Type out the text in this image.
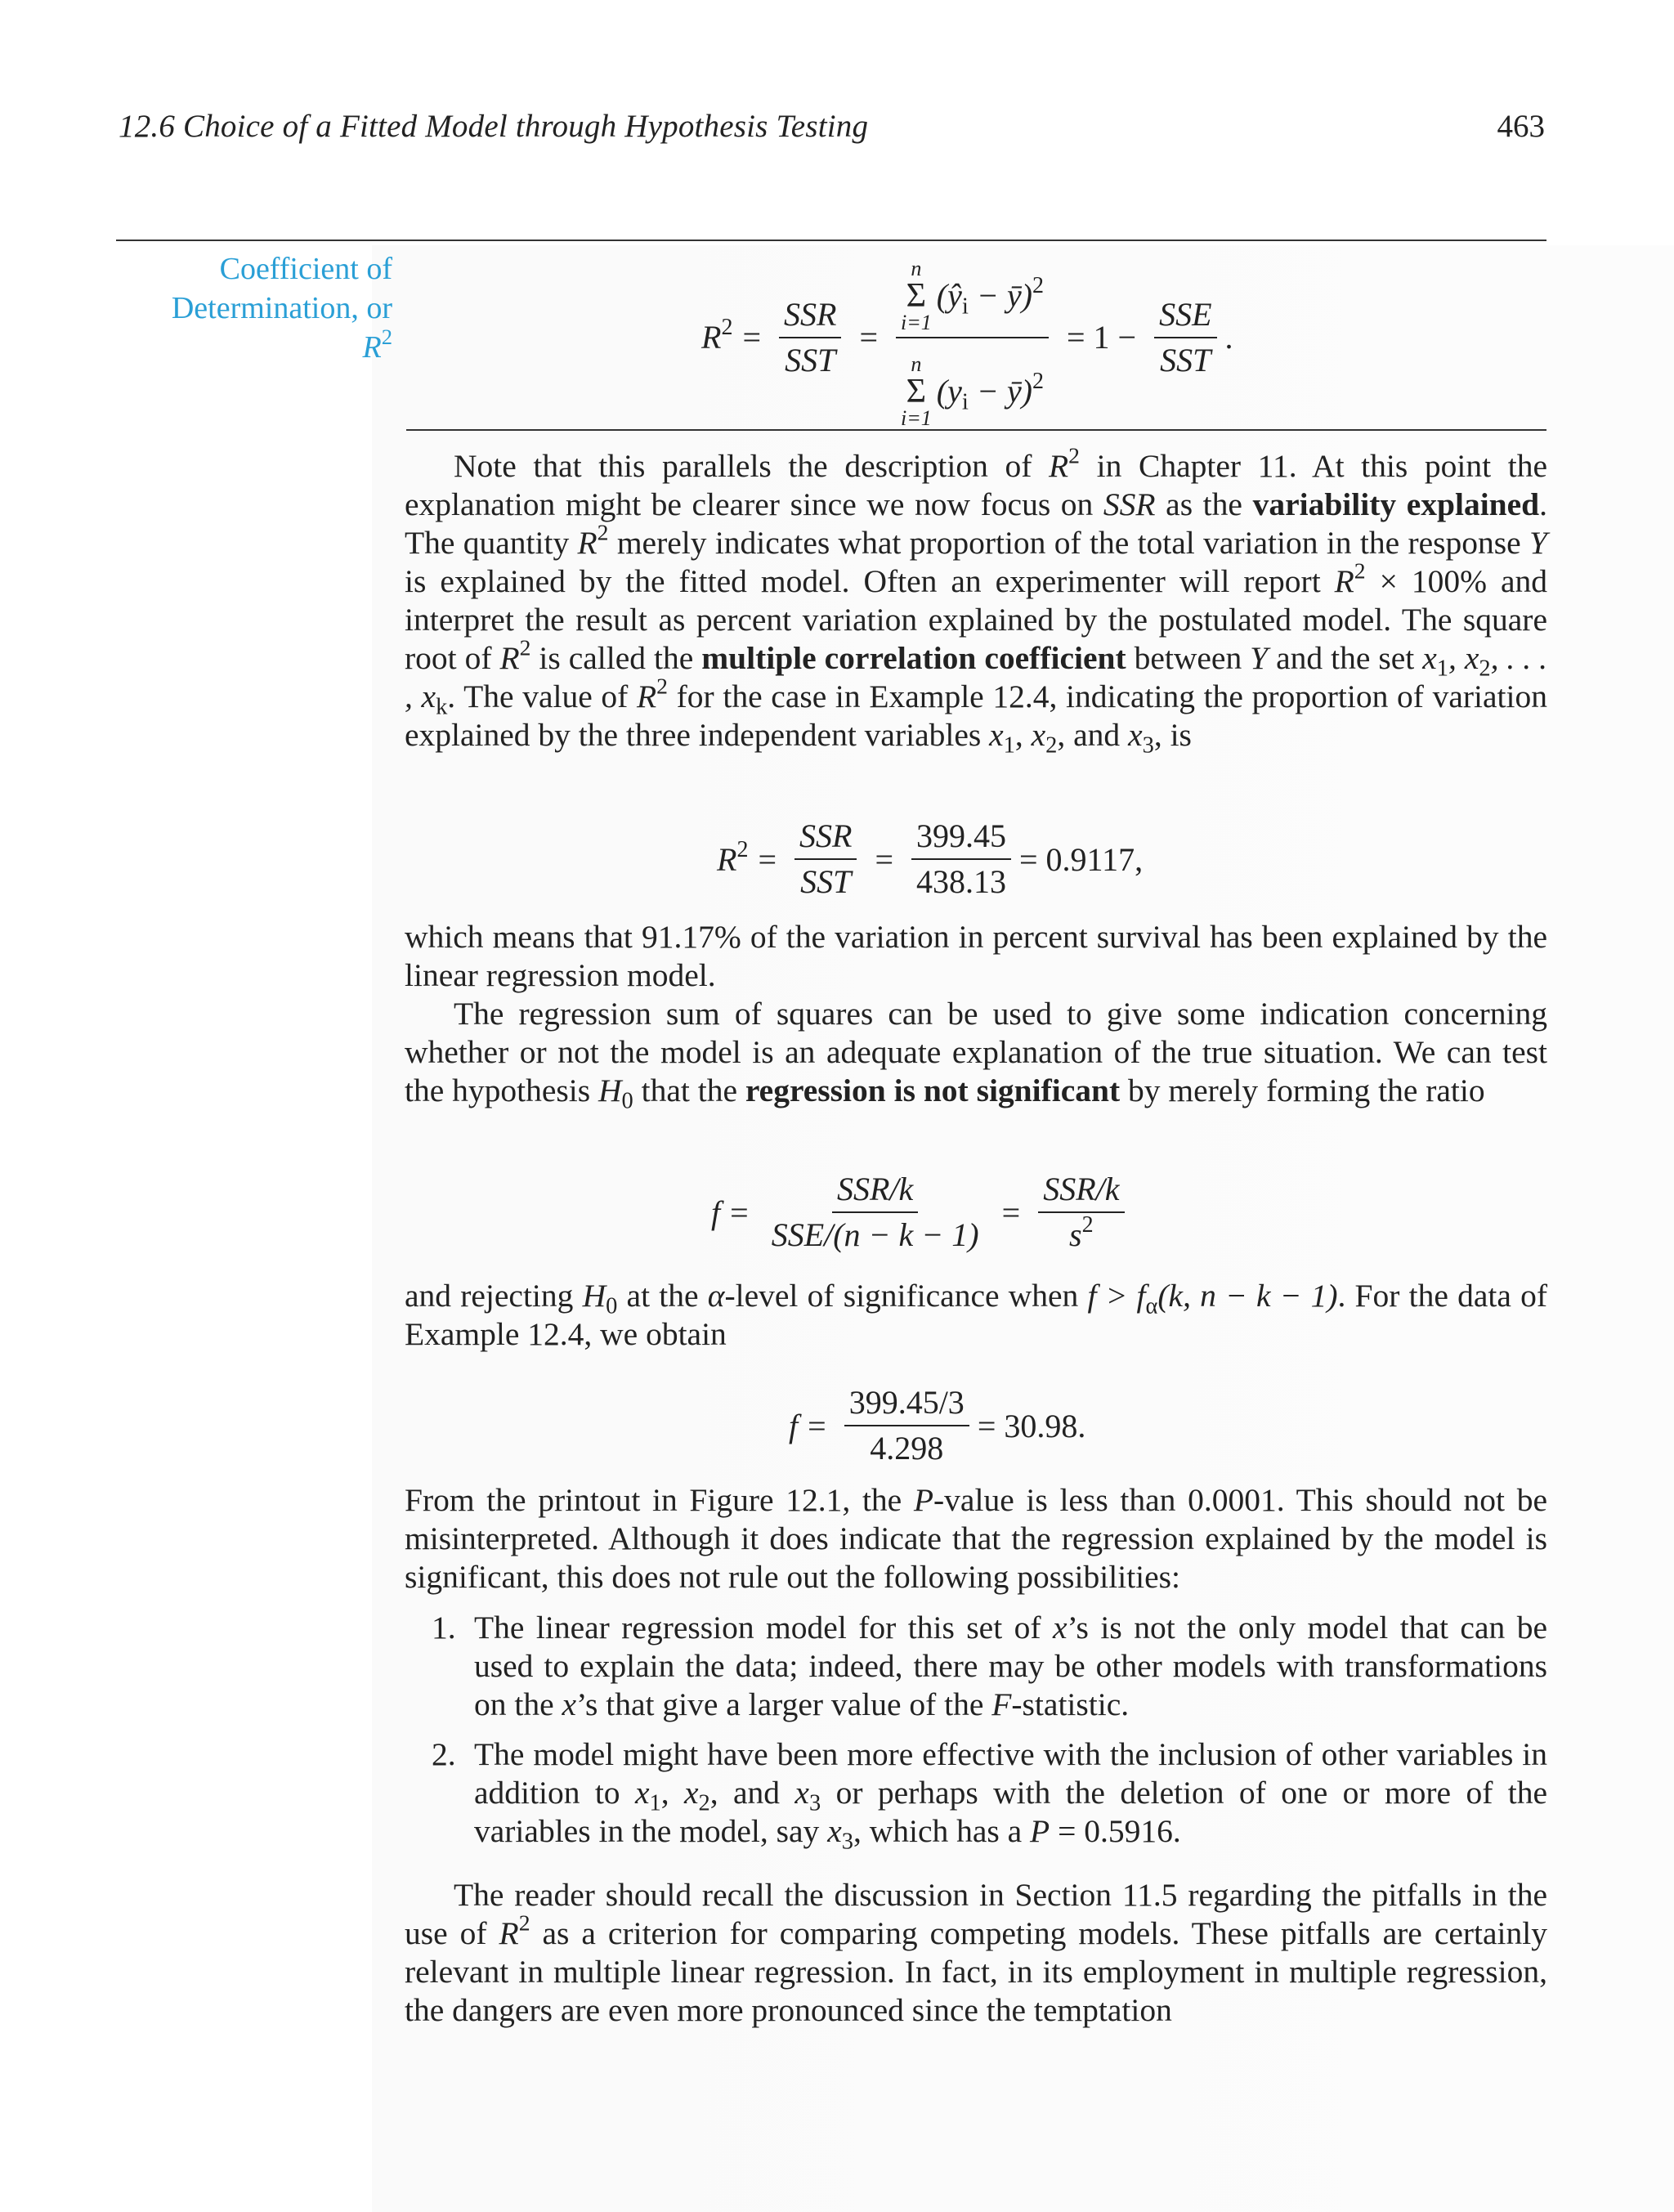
12.6 Choice of a Fitted Model through Hypothesis Testing	463
Coefficient of
Determination, or
$R^2$	$R^2 = \frac{\text{SSR}}{\text{SST}} = n$
Σ
i=1
($ŷ_i$ − ȳ)$^2$
n
Σ
i=1
($y_i$ − ȳ)$^2$ = $1 - \frac{\text{SSE}}{\text{SST}}$ .
Note that this parallels the description of $R^2$ in Chapter 11. At this point the explanation might be clearer since we now focus on SSR as the variability explained. The quantity $R^2$ merely indicates what proportion of the total variation in the response Y is explained by the fitted model. Often an experimenter will report $R^2 \times 100\%$ and interpret the result as percent variation explained by the postulated model. The square root of $R^2$ is called the multiple correlation coefficient between Y and the set $x_1$, $x_2$, . . . , $x_k$. The value of $R^2$ for the case in Example 12.4, indicating the proportion of variation explained by the three independent variables $x_1$, $x_2$, and $x_3$, is
$R^2 = \frac{\text{SSR}}{\text{SST}} = \frac{399.45}{438.13} = 0.9117$,
which means that 91.17% of the variation in percent survival has been explained by the linear regression model.
The regression sum of squares can be used to give some indication concerning whether or not the model is an adequate explanation of the true situation. We can test the hypothesis $H_0$ that the regression is not significant by merely forming the ratio
$f = \frac{\text{SSR/k}}{\text{SSE/(n − k − 1)}} = \frac{\text{SSR/k}}{s^2}$
and rejecting $H_0$ at the α-level of significance when $f > f_\alpha(k$, n − k − 1). For the data of Example 12.4, we obtain
$f = \frac{399.45/3}{4.298} = 30.98$.
From the printout in Figure 12.1, the P-value is less than 0.0001. This should not be misinterpreted. Although it does indicate that the regression explained by the model is significant, this does not rule out the following possibilities:
1. The linear regression model for this set of x’s is not the only model that can be used to explain the data; indeed, there may be other models with transformations on the x’s that give a larger value of the F-statistic.
2. The model might have been more effective with the inclusion of other variables in addition to $x_1$, $x_2$, and $x_3$ or perhaps with the deletion of one or more of the variables in the model, say $x_3$, which has a P = 0.5916.
The reader should recall the discussion in Section 11.5 regarding the pitfalls in the use of $R^2$ as a criterion for comparing competing models. These pitfalls are certainly relevant in multiple linear regression. In fact, in its employment in multiple regression, the dangers are even more pronounced since the temptation
